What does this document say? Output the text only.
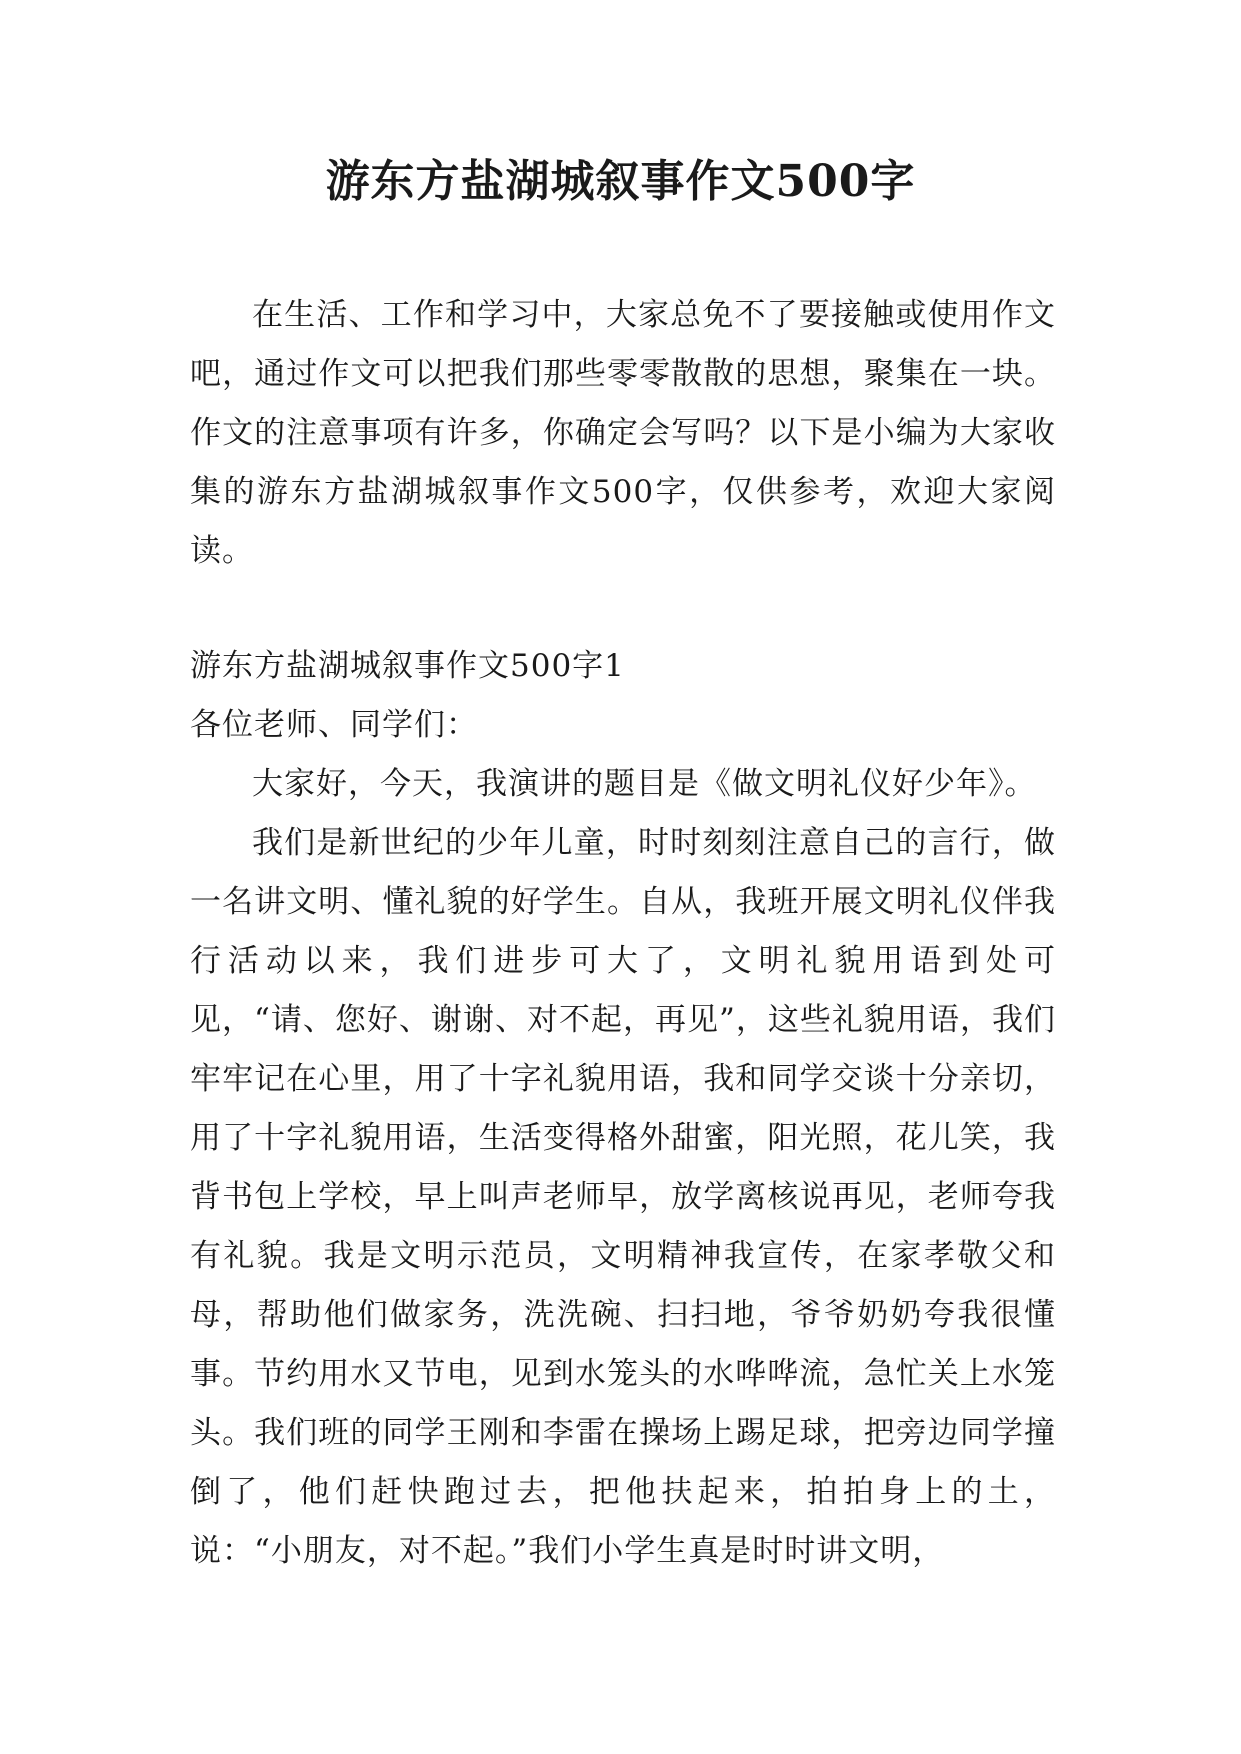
游东方盐湖城叙事作文500字

在生活、工作和学习中，大家总免不了要接触或使用作文吧，通过作文可以把我们那些零零散散的思想，聚集在一块。作文的注意事项有许多，你确定会写吗？以下是小编为大家收集的游东方盐湖城叙事作文500字，仅供参考，欢迎大家阅读。

游东方盐湖城叙事作文500字1

各位老师、同学们：

大家好，今天，我演讲的题目是《做文明礼仪好少年》。

我们是新世纪的少年儿童，时时刻刻注意自己的言行，做一名讲文明、懂礼貌的好学生。自从，我班开展文明礼仪伴我行活动以来，我们进步可大了，文明礼貌用语到处可见，“请、您好、谢谢、对不起，再见”，这些礼貌用语，我们牢牢记在心里，用了十字礼貌用语，我和同学交谈十分亲切，用了十字礼貌用语，生活变得格外甜蜜，阳光照，花儿笑，我背书包上学校，早上叫声老师早，放学离核说再见，老师夸我有礼貌。我是文明示范员，文明精神我宣传，在家孝敬父和母，帮助他们做家务，洗洗碗、扫扫地，爷爷奶奶夸我很懂事。节约用水又节电，见到水笼头的水哗哗流，急忙关上水笼头。我们班的同学王刚和李雷在操场上踢足球，把旁边同学撞倒了，他们赶快跑过去，把他扶起来，拍拍身上的土，说：“小朋友，对不起。”我们小学生真是时时讲文明，
